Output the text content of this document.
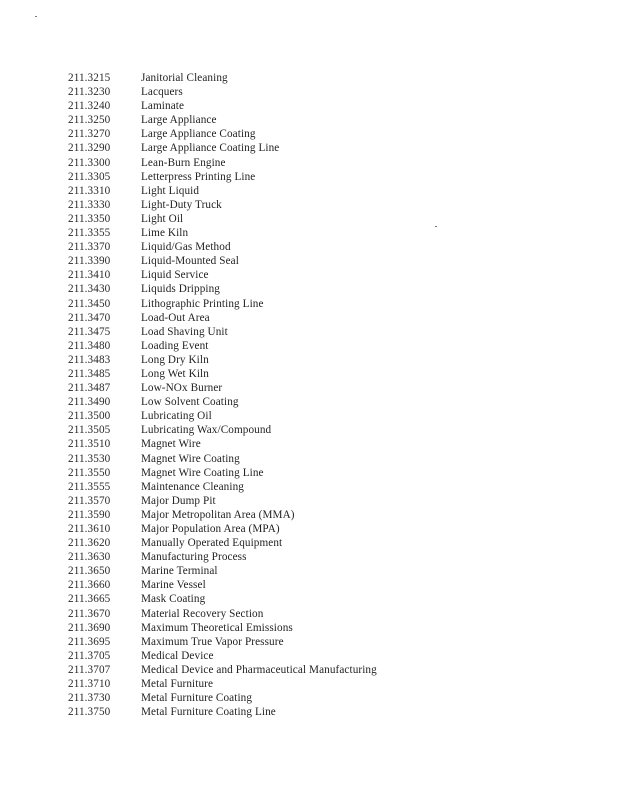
211.3215	Janitorial Cleaning
211.3230	Lacquers
211.3240	Laminate
211.3250	Large Appliance
211.3270	Large Appliance Coating
211.3290	Large Appliance Coating Line
211.3300	Lean-Burn Engine
211.3305	Letterpress Printing Line
211.3310	Light Liquid
211.3330	Light-Duty Truck
211.3350	Light Oil
211.3355	Lime Kiln
211.3370	Liquid/Gas Method
211.3390	Liquid-Mounted Seal
211.3410	Liquid Service
211.3430	Liquids Dripping
211.3450	Lithographic Printing Line
211.3470	Load-Out Area
211.3475	Load Shaving Unit
211.3480	Loading Event
211.3483	Long Dry Kiln
211.3485	Long Wet Kiln
211.3487	Low-NOx Burner
211.3490	Low Solvent Coating
211.3500	Lubricating Oil
211.3505	Lubricating Wax/Compound
211.3510	Magnet Wire
211.3530	Magnet Wire Coating
211.3550	Magnet Wire Coating Line
211.3555	Maintenance Cleaning
211.3570	Major Dump Pit
211.3590	Major Metropolitan Area (MMA)
211.3610	Major Population Area (MPA)
211.3620	Manually Operated Equipment
211.3630	Manufacturing Process
211.3650	Marine Terminal
211.3660	Marine Vessel
211.3665	Mask Coating
211.3670	Material Recovery Section
211.3690	Maximum Theoretical Emissions
211.3695	Maximum True Vapor Pressure
211.3705	Medical Device
211.3707	Medical Device and Pharmaceutical Manufacturing
211.3710	Metal Furniture
211.3730	Metal Furniture Coating
211.3750	Metal Furniture Coating Line
